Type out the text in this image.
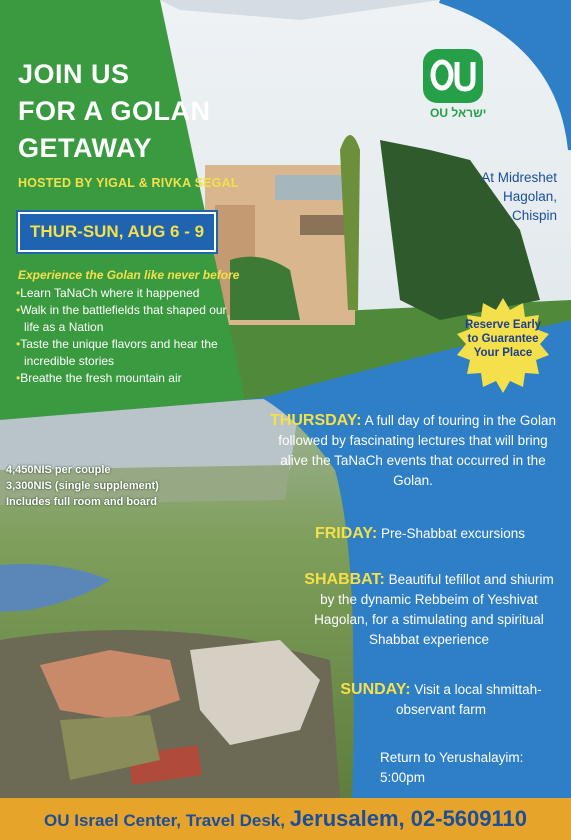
JOIN US
FOR A GOLAN
GETAWAY
HOSTED BY YIGAL & RIVKA SEGAL
THUR-SUN, AUG 6 - 9
Experience the Golan like never before
•Learn TaNaCh where it happened
•Walk in the battlefields that shaped our life as a Nation
•Taste the unique flavors and hear the incredible stories
•Breathe the fresh mountain air
OU ישראל
At Midreshet Hagolan, Chispin
Reserve Early to Guarantee Your Place
4,450NIS per couple
3,300NIS (single supplement)
Includes full room and board
THURSDAY: A full day of touring in the Golan followed by fascinating lectures that will bring alive the TaNaCh events that occurred in the Golan.
FRIDAY: Pre-Shabbat excursions
SHABBAT: Beautiful tefillot and shiurim by the dynamic Rebbeim of Yeshivat Hagolan, for a stimulating and spiritual Shabbat experience
SUNDAY: Visit a local shmittah-observant farm
Return to Yerushalayim: 5:00pm
OU Israel Center, Travel Desk, Jerusalem, 02-5609110
